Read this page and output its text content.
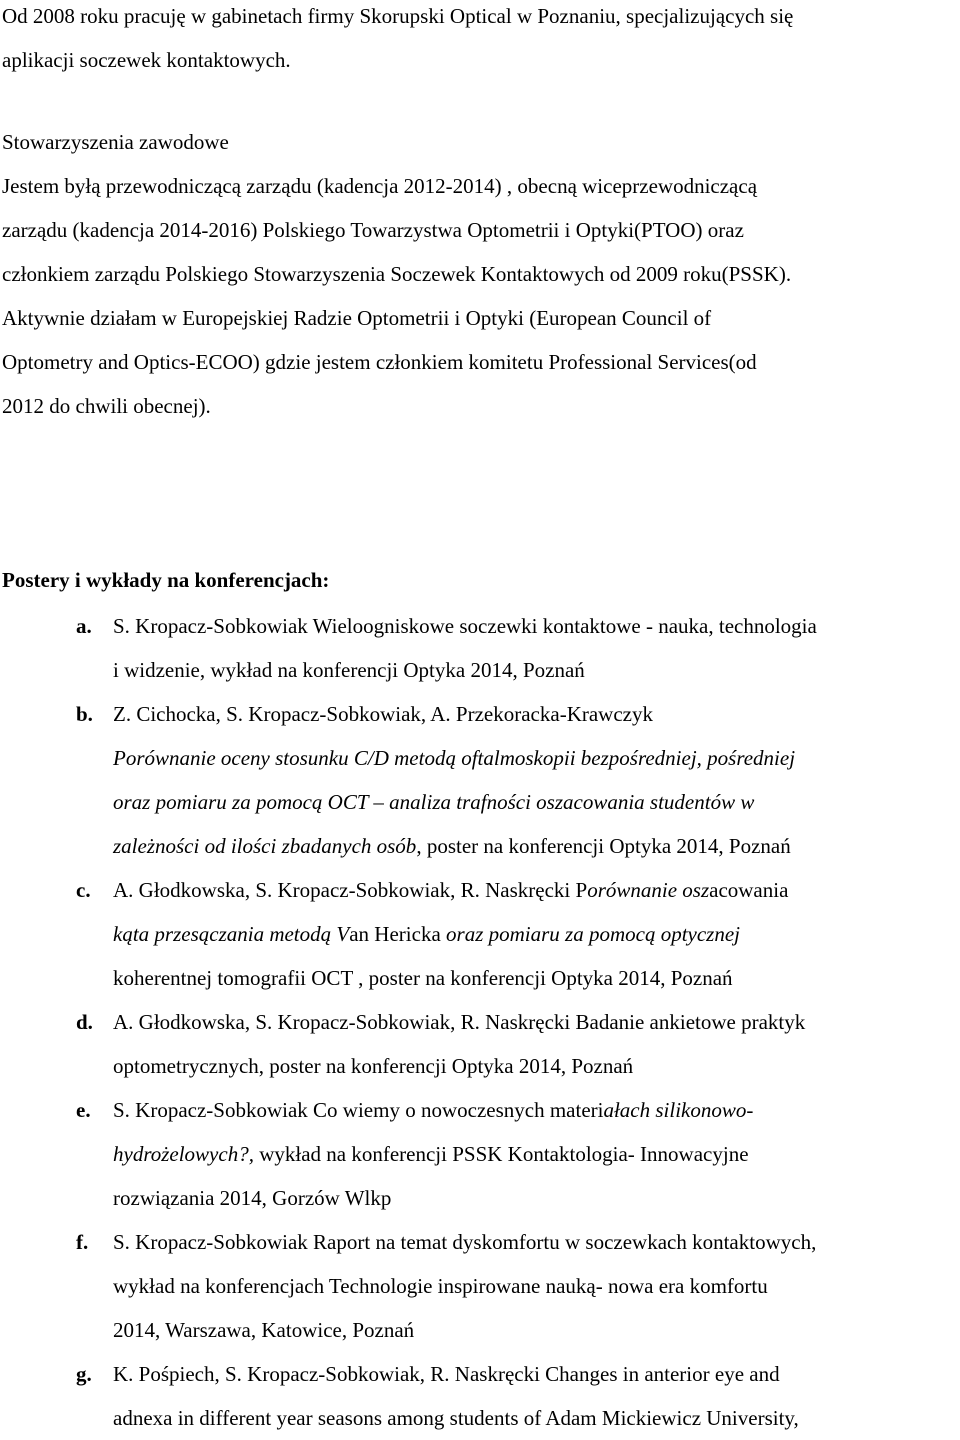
Od 2008 roku pracuję w gabinetach firmy Skorupski Optical w Poznaniu, specjalizujących się
aplikacji soczewek kontaktowych.
Stowarzyszenia zawodowe
Jestem byłą przewodniczącą zarządu (kadencja 2012-2014) , obecną wiceprzewodniczącą
zarządu (kadencja 2014-2016) Polskiego Towarzystwa Optometrii i Optyki(PTOO) oraz
członkiem zarządu Polskiego Stowarzyszenia Soczewek Kontaktowych od 2009 roku(PSSK).
Aktywnie działam w Europejskiej Radzie Optometrii i Optyki (European Council of
Optometry and Optics-ECOO) gdzie jestem członkiem komitetu Professional Services(od
2012 do chwili obecnej).
Postery i wykłady na konferencjach:
a. S. Kropacz-Sobkowiak Wieloogniskowe soczewki kontaktowe - nauka, technologia
i widzenie, wykład na konferencji Optyka 2014, Poznań
b. Z. Cichocka, S. Kropacz-Sobkowiak, A. Przekoracka-Krawczyk
Porównanie oceny stosunku C/D metodą oftalmoskopii bezpośredniej, pośredniej
oraz pomiaru za pomocą OCT – analiza trafności oszacowania studentów w
zależności od ilości zbadanych osób, poster na konferencji Optyka 2014, Poznań
c. A. Głodkowska, S. Kropacz-Sobkowiak, R. Naskręcki Porównanie oszacowania
kąta przesączania metodą Van Hericka oraz pomiaru za pomocą optycznej
koherentnej tomografii OCT , poster na konferencji Optyka 2014, Poznań
d. A. Głodkowska, S. Kropacz-Sobkowiak, R. Naskręcki Badanie ankietowe praktyk
optometrycznych, poster na konferencji Optyka 2014, Poznań
e. S. Kropacz-Sobkowiak Co wiemy o nowoczesnych materiałach silikonowo-
hydrożelowych?, wykład na konferencji PSSK Kontaktologia- Innowacyjne
rozwiązania 2014, Gorzów Wlkp
f. S. Kropacz-Sobkowiak Raport na temat dyskomfortu w soczewkach kontaktowych,
wykład na konferencjach Technologie inspirowane nauką- nowa era komfortu
2014, Warszawa, Katowice, Poznań
g. K. Pośpiech, S. Kropacz-Sobkowiak, R. Naskręcki Changes in anterior eye and
adnexa in different year seasons among students of Adam Mickiewicz University,
